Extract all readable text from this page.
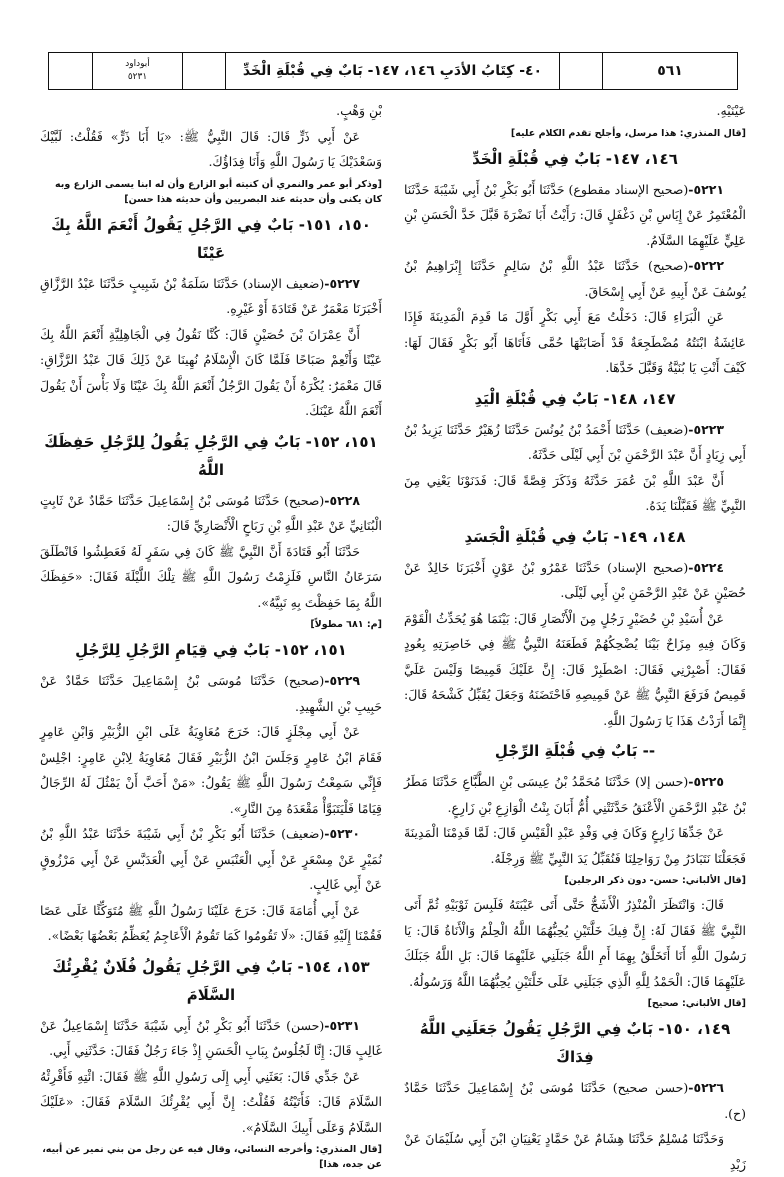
٥٦١
٤٠- كِتَابُ الأدَبِ ١٤٦، ١٤٧- بَابٌ فِي قُبْلَةِ الْخَدِّ
أبوداود
٥٢٣١
عَيْنَيْهِ.
[قال المنذري: هذا مرسل، وأجلح تقدم الكلام عليه]
١٤٦، ١٤٧- بَابٌ فِي قُبْلَةِ الْخَدِّ
٥٢٢١-(صحيح الإسناد مقطوع) حَدَّثَنَا أَبُو بَكْرِ بْنُ أَبِي شَيْبَةَ حَدَّثَنَا الْمُعْتَمِرُ عَنْ إِيَاسِ بْنِ دَغْفَلٍ قَالَ: رَأَيْتُ أَبَا نَضْرَةَ قَبَّلَ خَدَّ الْحَسَنِ بْنِ عَلِيٍّ عَلَيْهِمَا السَّلَامُ.
٥٢٢٢-(صحيح) حَدَّثَنَا عَبْدُ اللَّهِ بْنُ سَالِمٍ حَدَّثَنَا إِبْرَاهِيمُ بْنُ يُوسُفَ عَنْ أَبِيهِ عَنْ أَبِي إِسْحَاقَ.
عَنِ الْبَرَاءِ قَالَ: دَخَلْتُ مَعَ أَبِي بَكْرٍ أَوَّلَ مَا قَدِمَ الْمَدِينَةَ فَإِذَا عَائِشَةُ ابْنَتُهُ مُضْطَجِعَةٌ قَدْ أَصَابَتْهَا حُمَّى فَأَتَاهَا أَبُو بَكْرٍ فَقَالَ لَهَا: كَيْفَ أَنْتِ يَا بُنَيَّةُ وَقَبَّلَ خَدَّهَا.
١٤٧، ١٤٨- بَابٌ فِي قُبْلَةِ الْيَدِ
٥٢٢٣-(ضعيف) حَدَّثَنَا أَحْمَدُ بْنُ يُونُسَ حَدَّثَنَا زُهَيْرٌ حَدَّثَنَا يَزِيدُ بْنُ أَبِي زِيَادٍ أَنَّ عَبْدَ الرَّحْمَنِ بْنَ أَبِي لَيْلَى حَدَّثَهُ.
أَنَّ عَبْدَ اللَّهِ بْنَ عُمَرَ حَدَّثَهُ وَذَكَرَ قِصَّةً قَالَ: فَدَنَوْنَا يَعْنِي مِنَ النَّبِيِّ ﷺ فَقَبَّلْنَا يَدَهُ.
١٤٨، ١٤٩- بَابٌ فِي قُبْلَةِ الْجَسَدِ
٥٢٢٤-(صحيح الإسناد) حَدَّثَنَا عَمْرُو بْنُ عَوْنٍ أَخْبَرَنَا خَالِدٌ عَنْ حُصَيْنٍ عَنْ عَبْدِ الرَّحْمَنِ بْنِ أَبِي لَيْلَى.
عَنْ أُسَيْدِ بْنِ حُضَيْرٍ رَجُلٍ مِنَ الْأَنْصَارِ قَالَ: بَيْنَمَا هُوَ يُحَدِّثُ الْقَوْمَ وَكَانَ فِيهِ مِزَاحٌ بَيْنَا يُضْحِكُهُمْ فَطَعَنَهُ النَّبِيُّ ﷺ فِي خَاصِرَتِهِ بِعُودٍ فَقَالَ: أَصْبِرْنِي فَقَالَ: اصْطَبِرْ قَالَ: إِنَّ عَلَيْكَ قَمِيصًا وَلَيْسَ عَلَيَّ قَمِيصٌ فَرَفَعَ النَّبِيُّ ﷺ عَنْ قَمِيصِهِ فَاحْتَضَنَهُ وَجَعَلَ يُقَبِّلُ كَشْحَهُ قَالَ: إِنَّمَا أَرَدْتُ هَذَا يَا رَسُولَ اللَّهِ.
-- بَابٌ فِي قُبْلَةِ الرِّجْلِ
٥٢٢٥-(حسن إلا) حَدَّثَنَا مُحَمَّدُ بْنُ عِيسَى بْنِ الطَّبَّاعِ حَدَّثَنَا مَطَرُ بْنُ عَبْدِ الرَّحْمَنِ الْأَعْنَقُ حَدَّثَتْنِي أُمُّ أَبَانَ بِنْتُ الْوَازِعِ بْنِ زَارِعٍ.
عَنْ جَدِّهَا زَارِعٍ وَكَانَ فِي وَفْدِ عَبْدِ الْقَيْسِ قَالَ: لَمَّا قَدِمْنَا الْمَدِينَةَ فَجَعَلْنَا نَتَبَادَرُ مِنْ رَوَاحِلِنَا فَنُقَبِّلُ يَدَ النَّبِيِّ ﷺ وَرِجْلَهُ.
[قال الألباني: حسن- دون ذكر الرجلين]
قَالَ: وَانْتَظَرَ الْمُنْذِرُ الْأَشَجُّ حَتَّى أَتَى عَيْبَتَهُ فَلَبِسَ ثَوْبَيْهِ ثُمَّ أَتَى النَّبِيَّ ﷺ فَقَالَ لَهُ: إِنَّ فِيكَ خَلَّتَيْنِ يُحِبُّهُمَا اللَّهُ الْحِلْمُ وَالْأَنَاةُ قَالَ: يَا رَسُولَ اللَّهِ أَنَا أَتَخَلَّقُ بِهِمَا أَمِ اللَّهُ جَبَلَنِي عَلَيْهِمَا قَالَ: بَلِ اللَّهُ جَبَلَكَ عَلَيْهِمَا قَالَ: الْحَمْدُ لِلَّهِ الَّذِي جَبَلَنِي عَلَى خَلَّتَيْنِ يُحِبُّهُمَا اللَّهُ وَرَسُولُهُ.
[قال الألباني: صحيح]
١٤٩، ١٥٠- بَابٌ فِي الرَّجُلِ يَقُولُ جَعَلَنِي اللَّهُ فِدَاكَ
٥٢٢٦-(حسن صحيح) حَدَّثَنَا مُوسَى بْنُ إِسْمَاعِيلَ حَدَّثَنَا حَمَّادٌ (ح).
وَحَدَّثَنَا مُسْلِمٌ حَدَّثَنَا هِشَامٌ عَنْ حَمَّادٍ يَعْنِيَانِ ابْنَ أَبِي سُلَيْمَانَ عَنْ زَيْدِ
بْنِ وَهْبٍ.
عَنْ أَبِي ذَرٍّ قَالَ: قَالَ النَّبِيُّ ﷺ: «يَا أَبَا ذَرٍّ» فَقُلْتُ: لَبَّيْكَ وَسَعْدَيْكَ يَا رَسُولَ اللَّهِ وَأَنَا فِدَاؤُكَ.
[وذكر أبو عمر والنمري أن كنيته أبو الزارع وأن له ابنا يسمى الزارع وبه كان يكنى وأن حديثه عند البصريين وأن حديثه هذا حسن]
١٥٠، ١٥١- بَابٌ فِي الرَّجُلِ يَقُولُ أَنْعَمَ اللَّهُ بِكَ عَيْنًا
٥٢٢٧-(ضعيف الإسناد) حَدَّثَنَا سَلَمَةُ بْنُ شَبِيبٍ حَدَّثَنَا عَبْدُ الرَّزَّاقِ أَخْبَرَنَا مَعْمَرٌ عَنْ قَتَادَةَ أَوْ غَيْرِهِ.
أَنَّ عِمْرَانَ بْنَ حُصَيْنٍ قَالَ: كُنَّا نَقُولُ فِي الْجَاهِلِيَّةِ أَنْعَمَ اللَّهُ بِكَ عَيْنًا وَأَنْعِمْ صَبَاحًا فَلَمَّا كَانَ الْإِسْلَامُ نُهِينَا عَنْ ذَلِكَ قَالَ عَبْدُ الرَّزَّاقِ: قَالَ مَعْمَرٌ: يُكْرَهُ أَنْ يَقُولَ الرَّجُلُ أَنْعَمَ اللَّهُ بِكَ عَيْنًا وَلَا بَأْسَ أَنْ يَقُولَ أَنْعَمَ اللَّهُ عَيْنَكَ.
١٥١، ١٥٢- بَابٌ فِي الرَّجُلِ يَقُولُ لِلرَّجُلِ حَفِظَكَ اللَّهُ
٥٢٢٨-(صحيح) حَدَّثَنَا مُوسَى بْنُ إِسْمَاعِيلَ حَدَّثَنَا حَمَّادٌ عَنْ ثَابِتٍ الْبُنَانِيِّ عَنْ عَبْدِ اللَّهِ بْنِ رَبَاحٍ الْأَنْصَارِيِّ قَالَ:
حَدَّثَنَا أَبُو قَتَادَةَ أَنَّ النَّبِيَّ ﷺ كَانَ فِي سَفَرٍ لَهُ فَعَطِشُوا فَانْطَلَقَ سَرَعَانُ النَّاسِ فَلَزِمْتُ رَسُولَ اللَّهِ ﷺ تِلْكَ اللَّيْلَةَ فَقَالَ: «حَفِظَكَ اللَّهُ بِمَا حَفِظْتَ بِهِ نَبِيَّهُ».
[م: ٦٨١ مطولاً]
١٥١، ١٥٢- بَابٌ فِي قِيَامِ الرَّجُلِ لِلرَّجُلِ
٥٢٢٩-(صحيح) حَدَّثَنَا مُوسَى بْنُ إِسْمَاعِيلَ حَدَّثَنَا حَمَّادٌ عَنْ حَبِيبِ بْنِ الشَّهِيدِ.
عَنْ أَبِي مِجْلَزٍ قَالَ: خَرَجَ مُعَاوِيَةُ عَلَى ابْنِ الزُّبَيْرِ وَابْنِ عَامِرٍ فَقَامَ ابْنُ عَامِرٍ وَجَلَسَ ابْنُ الزُّبَيْرِ فَقَالَ مُعَاوِيَةُ لِابْنِ عَامِرٍ: اجْلِسْ فَإِنِّي سَمِعْتُ رَسُولَ اللَّهِ ﷺ يَقُولُ: «مَنْ أَحَبَّ أَنْ يَمْثُلَ لَهُ الرِّجَالُ قِيَامًا فَلْيَتَبَوَّأْ مَقْعَدَهُ مِنَ النَّارِ».
٥٢٣٠-(ضعيف) حَدَّثَنَا أَبُو بَكْرِ بْنُ أَبِي شَيْبَةَ حَدَّثَنَا عَبْدُ اللَّهِ بْنُ نُمَيْرٍ عَنْ مِسْعَرٍ عَنْ أَبِي الْعَنْبَسِ عَنْ أَبِي الْعَدَبَّسِ عَنْ أَبِي مَرْزُوقٍ عَنْ أَبِي غَالِبٍ.
عَنْ أَبِي أُمَامَةَ قَالَ: خَرَجَ عَلَيْنَا رَسُولُ اللَّهِ ﷺ مُتَوَكِّئًا عَلَى عَصًا فَقُمْنَا إِلَيْهِ فَقَالَ: «لَا تَقُومُوا كَمَا تَقُومُ الْأَعَاجِمُ يُعَظِّمُ بَعْضُهَا بَعْضًا».
١٥٣، ١٥٤- بَابٌ فِي الرَّجُلِ يَقُولُ فُلَانٌ يُقْرِئُكَ السَّلَامَ
٥٢٣١-(حسن) حَدَّثَنَا أَبُو بَكْرِ بْنُ أَبِي شَيْبَةَ حَدَّثَنَا إِسْمَاعِيلُ عَنْ غَالِبٍ قَالَ: إِنَّا لَجُلُوسٌ بِبَابِ الْحَسَنِ إِذْ جَاءَ رَجُلٌ فَقَالَ: حَدَّثَنِي أَبِي.
عَنْ جَدِّي قَالَ: بَعَثَنِي أَبِي إِلَى رَسُولِ اللَّهِ ﷺ فَقَالَ: ائْتِهِ فَأَقْرِئْهُ السَّلَامَ قَالَ: فَأَتَيْتُهُ فَقُلْتُ: إِنَّ أَبِي يُقْرِئُكَ السَّلَامَ فَقَالَ: «عَلَيْكَ السَّلَامُ وَعَلَى أَبِيكَ السَّلَامُ».
[قال المنذري: وأخرجه النسائي، وقال فيه عن رجل من بني نمير عن أبيه، عن جده، هذا]
